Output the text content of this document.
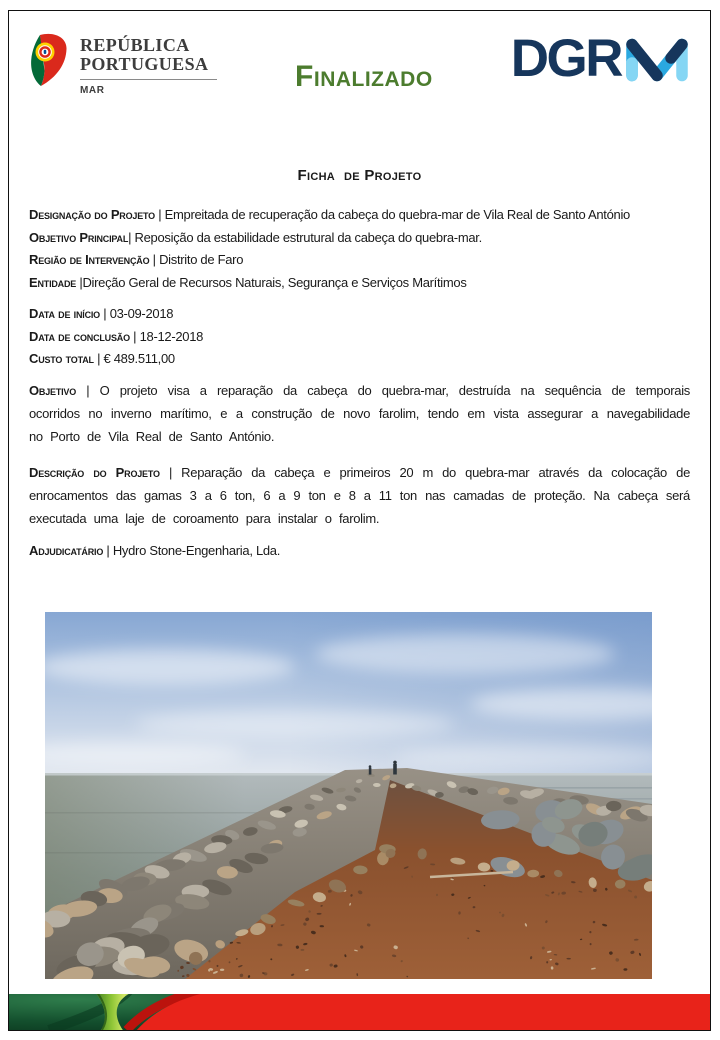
REPÚBLICA
PORTUGUESA
MAR	Finalizado DGR
Ficha  de Projeto
Designação do Projeto | Empreitada de recuperação da cabeça do quebra-mar de Vila Real de Santo António
Objetivo Principal| Reposição da estabilidade estrutural da cabeça do quebra-mar.
Região de Intervenção | Distrito de Faro
Entidade |Direção Geral de Recursos Naturais, Segurança e Serviços Marítimos
Data de início | 03-09-2018
Data de conclusão | 18-12-2018
Custo total | € 489.511,00

Objetivo | O projeto visa a reparação da cabeça do quebra-mar, destruída na sequência de temporais ocorridos no inverno marítimo, e a construção de novo farolim, tendo em vista assegurar a navegabilidade no Porto de Vila Real de Santo António.

Descrição do Projeto | Reparação da cabeça e primeiros 20 m do quebra-mar através da colocação de enrocamentos das gamas 3 a 6 ton, 6 a 9 ton e 8 a 11 ton nas camadas de proteção. Na cabeça será executada uma laje de coroamento para instalar o farolim.

Adjudicatário | Hydro Stone-Engenharia, Lda.
